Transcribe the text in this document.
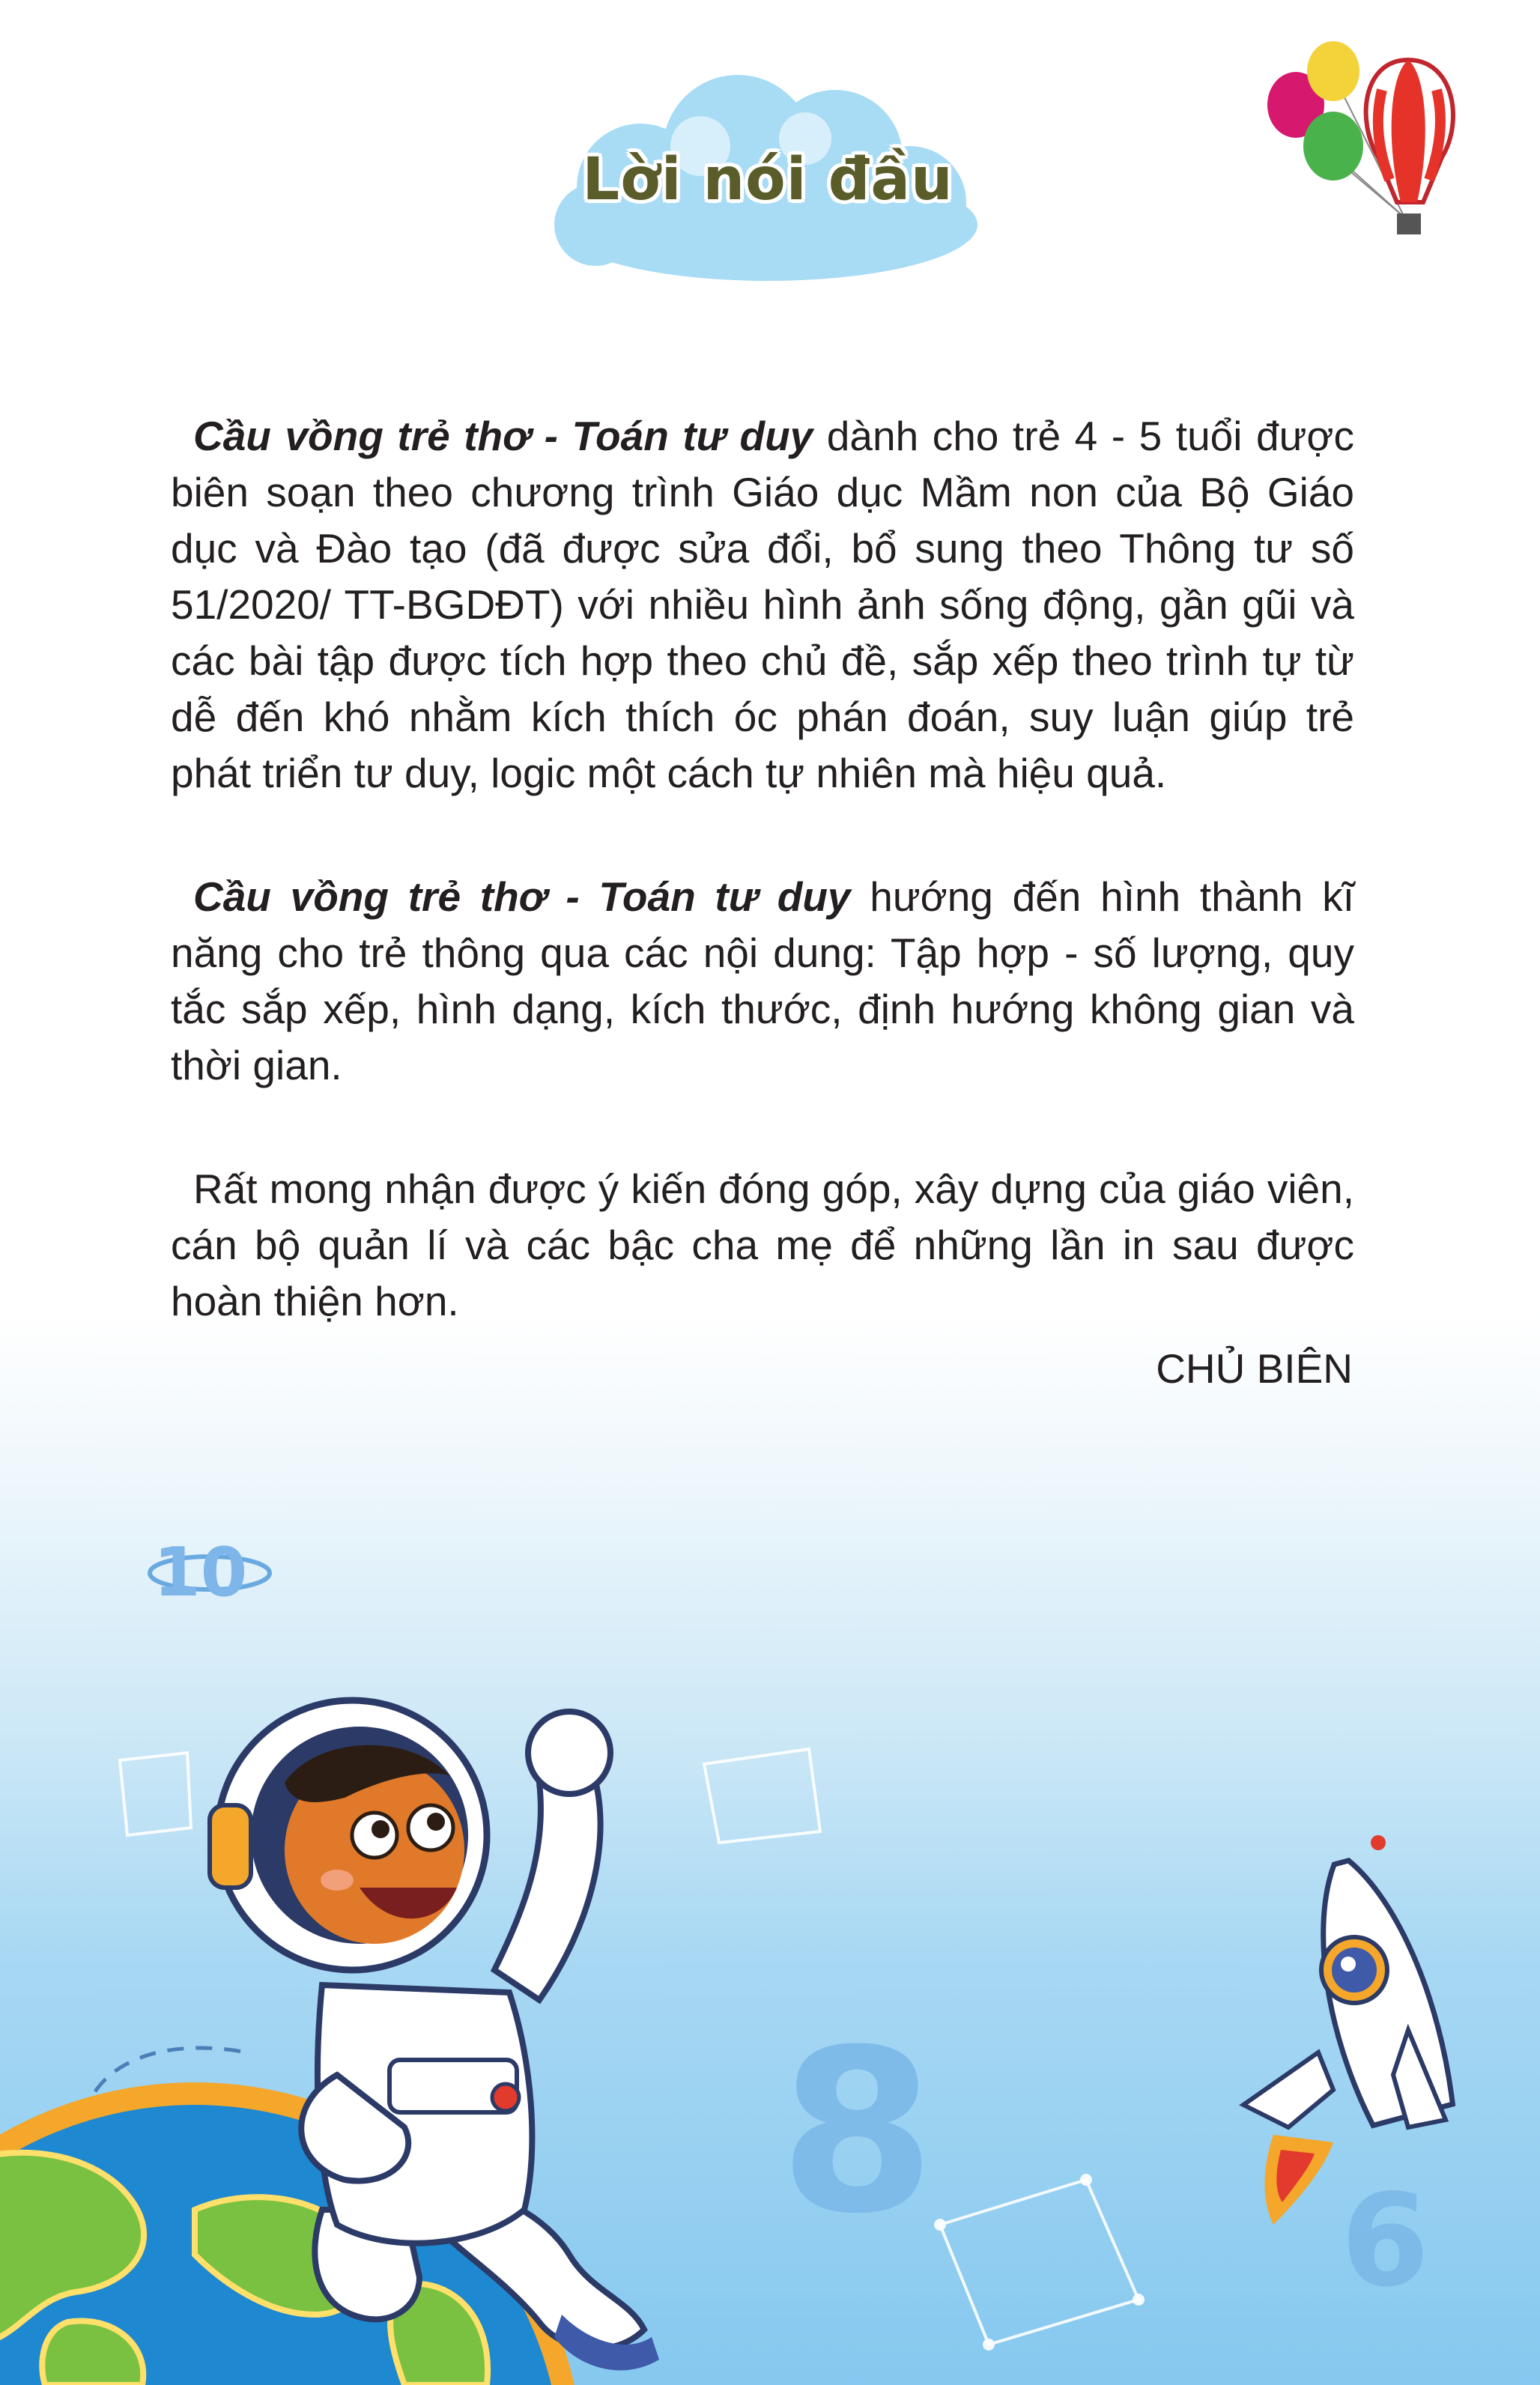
Lời nói đầu

Cầu vồng trẻ thơ - Toán tư duy dành cho trẻ 4 - 5 tuổi được biên soạn theo chương trình Giáo dục Mầm non của Bộ Giáo dục và Đào tạo (đã được sửa đổi, bổ sung theo Thông tư số 51/2020/ TT-BGDĐT) với nhiều hình ảnh sống động, gần gũi và các bài tập được tích hợp theo chủ đề, sắp xếp theo trình tự từ dễ đến khó nhằm kích thích óc phán đoán, suy luận giúp trẻ phát triển tư duy, logic một cách tự nhiên mà hiệu quả.

Cầu vồng trẻ thơ - Toán tư duy hướng đến hình thành kĩ năng cho trẻ thông qua các nội dung: Tập hợp - số lượng, quy tắc sắp xếp, hình dạng, kích thước, định hướng không gian và thời gian.

Rất mong nhận được ý kiến đóng góp, xây dựng của giáo viên, cán bộ quản lí và các bậc cha mẹ để những lần in sau được hoàn thiện hơn.

CHỦ BIÊN
10
8	6
